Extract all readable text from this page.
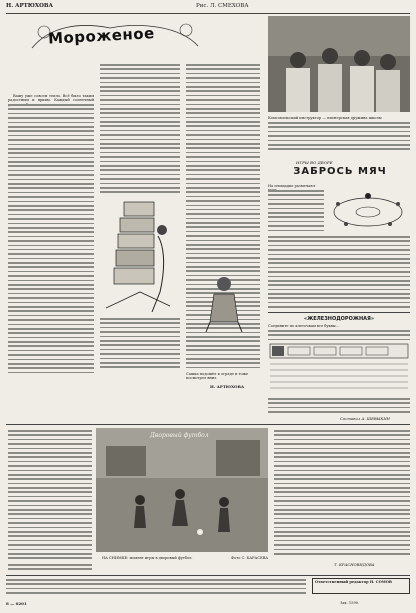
Н. АРТЮХОВА	Рис. Л. СМЕХОВА
Мороженое

Вашу уже совсем тепло. Всё было таким радостным и ярким. Каждый солнечный

Сашка подошёл к ограде и тоже посмотрел вниз.
Н. АРТЮХОВА
Комсомольский инструктор — пионерская дружина школы
ИГРЫ ВО ДВОРЕ
ЗАБРОСЬ МЯЧ
На площадке размечают
«ЖЕЛЕЗНОДОРОЖНАЯ»
Соедините по клеточкам все буквы…
Составил А. ШЕВЫКИН
Дворовый футбол
НА СНИМКЕ: момент игры в дворовый футбол.	Фото С. КАРАСЕВА
Т. КРАСНОВИДОВА
Ответственный редактор Н. СОМОВ
8 — 0201	Зак. 1590.
